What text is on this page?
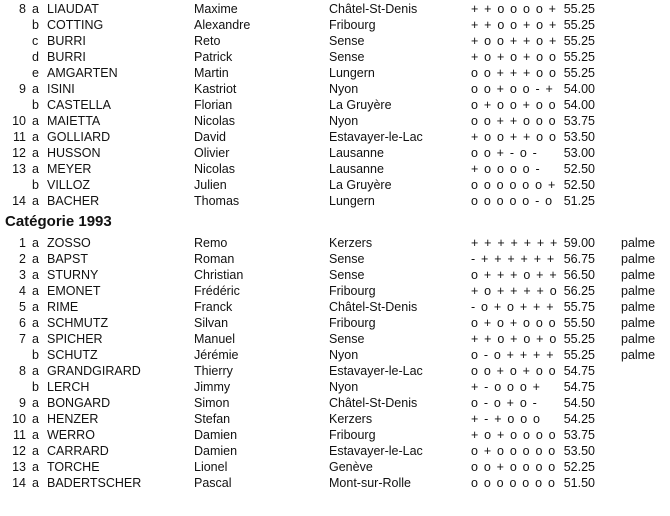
8 a LIAUDAT	Maxime	Châtel-St-Denis	+ + o o o o + 55.25
b COTTING	Alexandre	Fribourg	+ + o o + o + 55.25
c BURRI	Reto	Sense	+ o o + + o + 55.25
d BURRI	Patrick	Sense	+ o + o + o o 55.25
e AMGARTEN	Martin	Lungern	o o + + + o o 55.25
9 a ISINI	Kastriot	Nyon	o o + o o - + 54.00
b CASTELLA	Florian	La Gruyère	o + o o + o o 54.00
10 a MAIETTA	Nicolas	Nyon	o o + + o o o 53.75
11 a GOLLIARD	David	Estavayer-le-Lac	+ o o + + o o 53.50
12 a HUSSON	Olivier	Lausanne	o o + - o -	53.00
13 a MEYER	Nicolas	Lausanne	+ o o o o -	52.50
b VILLOZ	Julien	La Gruyère	o o o o o o + 52.50
14 a BACHER	Thomas	Lungern	o o o o o - o 51.25
Catégorie 1993
1 a ZOSSO	Remo	Kerzers	+ + + + + + + 59.00 palme
2 a BAPST	Roman	Sense	- + + + + + + 56.75 palme
3 a STURNY	Christian	Sense	o + + + o + + 56.50 palme
4 a EMONET	Frédéric	Fribourg	+ o + + + + o 56.25 palme
5 a RIME	Franck	Châtel-St-Denis	- o + o + + + 55.75 palme
6 a SCHMUTZ	Silvan	Fribourg	o + o + o o o 55.50 palme
7 a SPICHER	Manuel	Sense	+ + o + o + o 55.25 palme
b SCHUTZ	Jérémie	Nyon	o - o + + + + 55.25 palme
8 a GRANDGIRARD	Thierry	Estavayer-le-Lac	o o + o + o o 54.75
b LERCH	Jimmy	Nyon	+ - o o o +	54.75
9 a BONGARD	Simon	Châtel-St-Denis	o - o + o -	54.50
10 a HENZER	Stefan	Kerzers	+ - + o o o	54.25
11 a WERRO	Damien	Fribourg	+ o + o o o o 53.75
12 a CARRARD	Damien	Estavayer-le-Lac	o + o o o o o 53.50
13 a TORCHE	Lionel	Genève	o o + o o o o 52.25
14 a BADERTSCHER	Pascal	Mont-sur-Rolle	o o o o o o o 51.50
